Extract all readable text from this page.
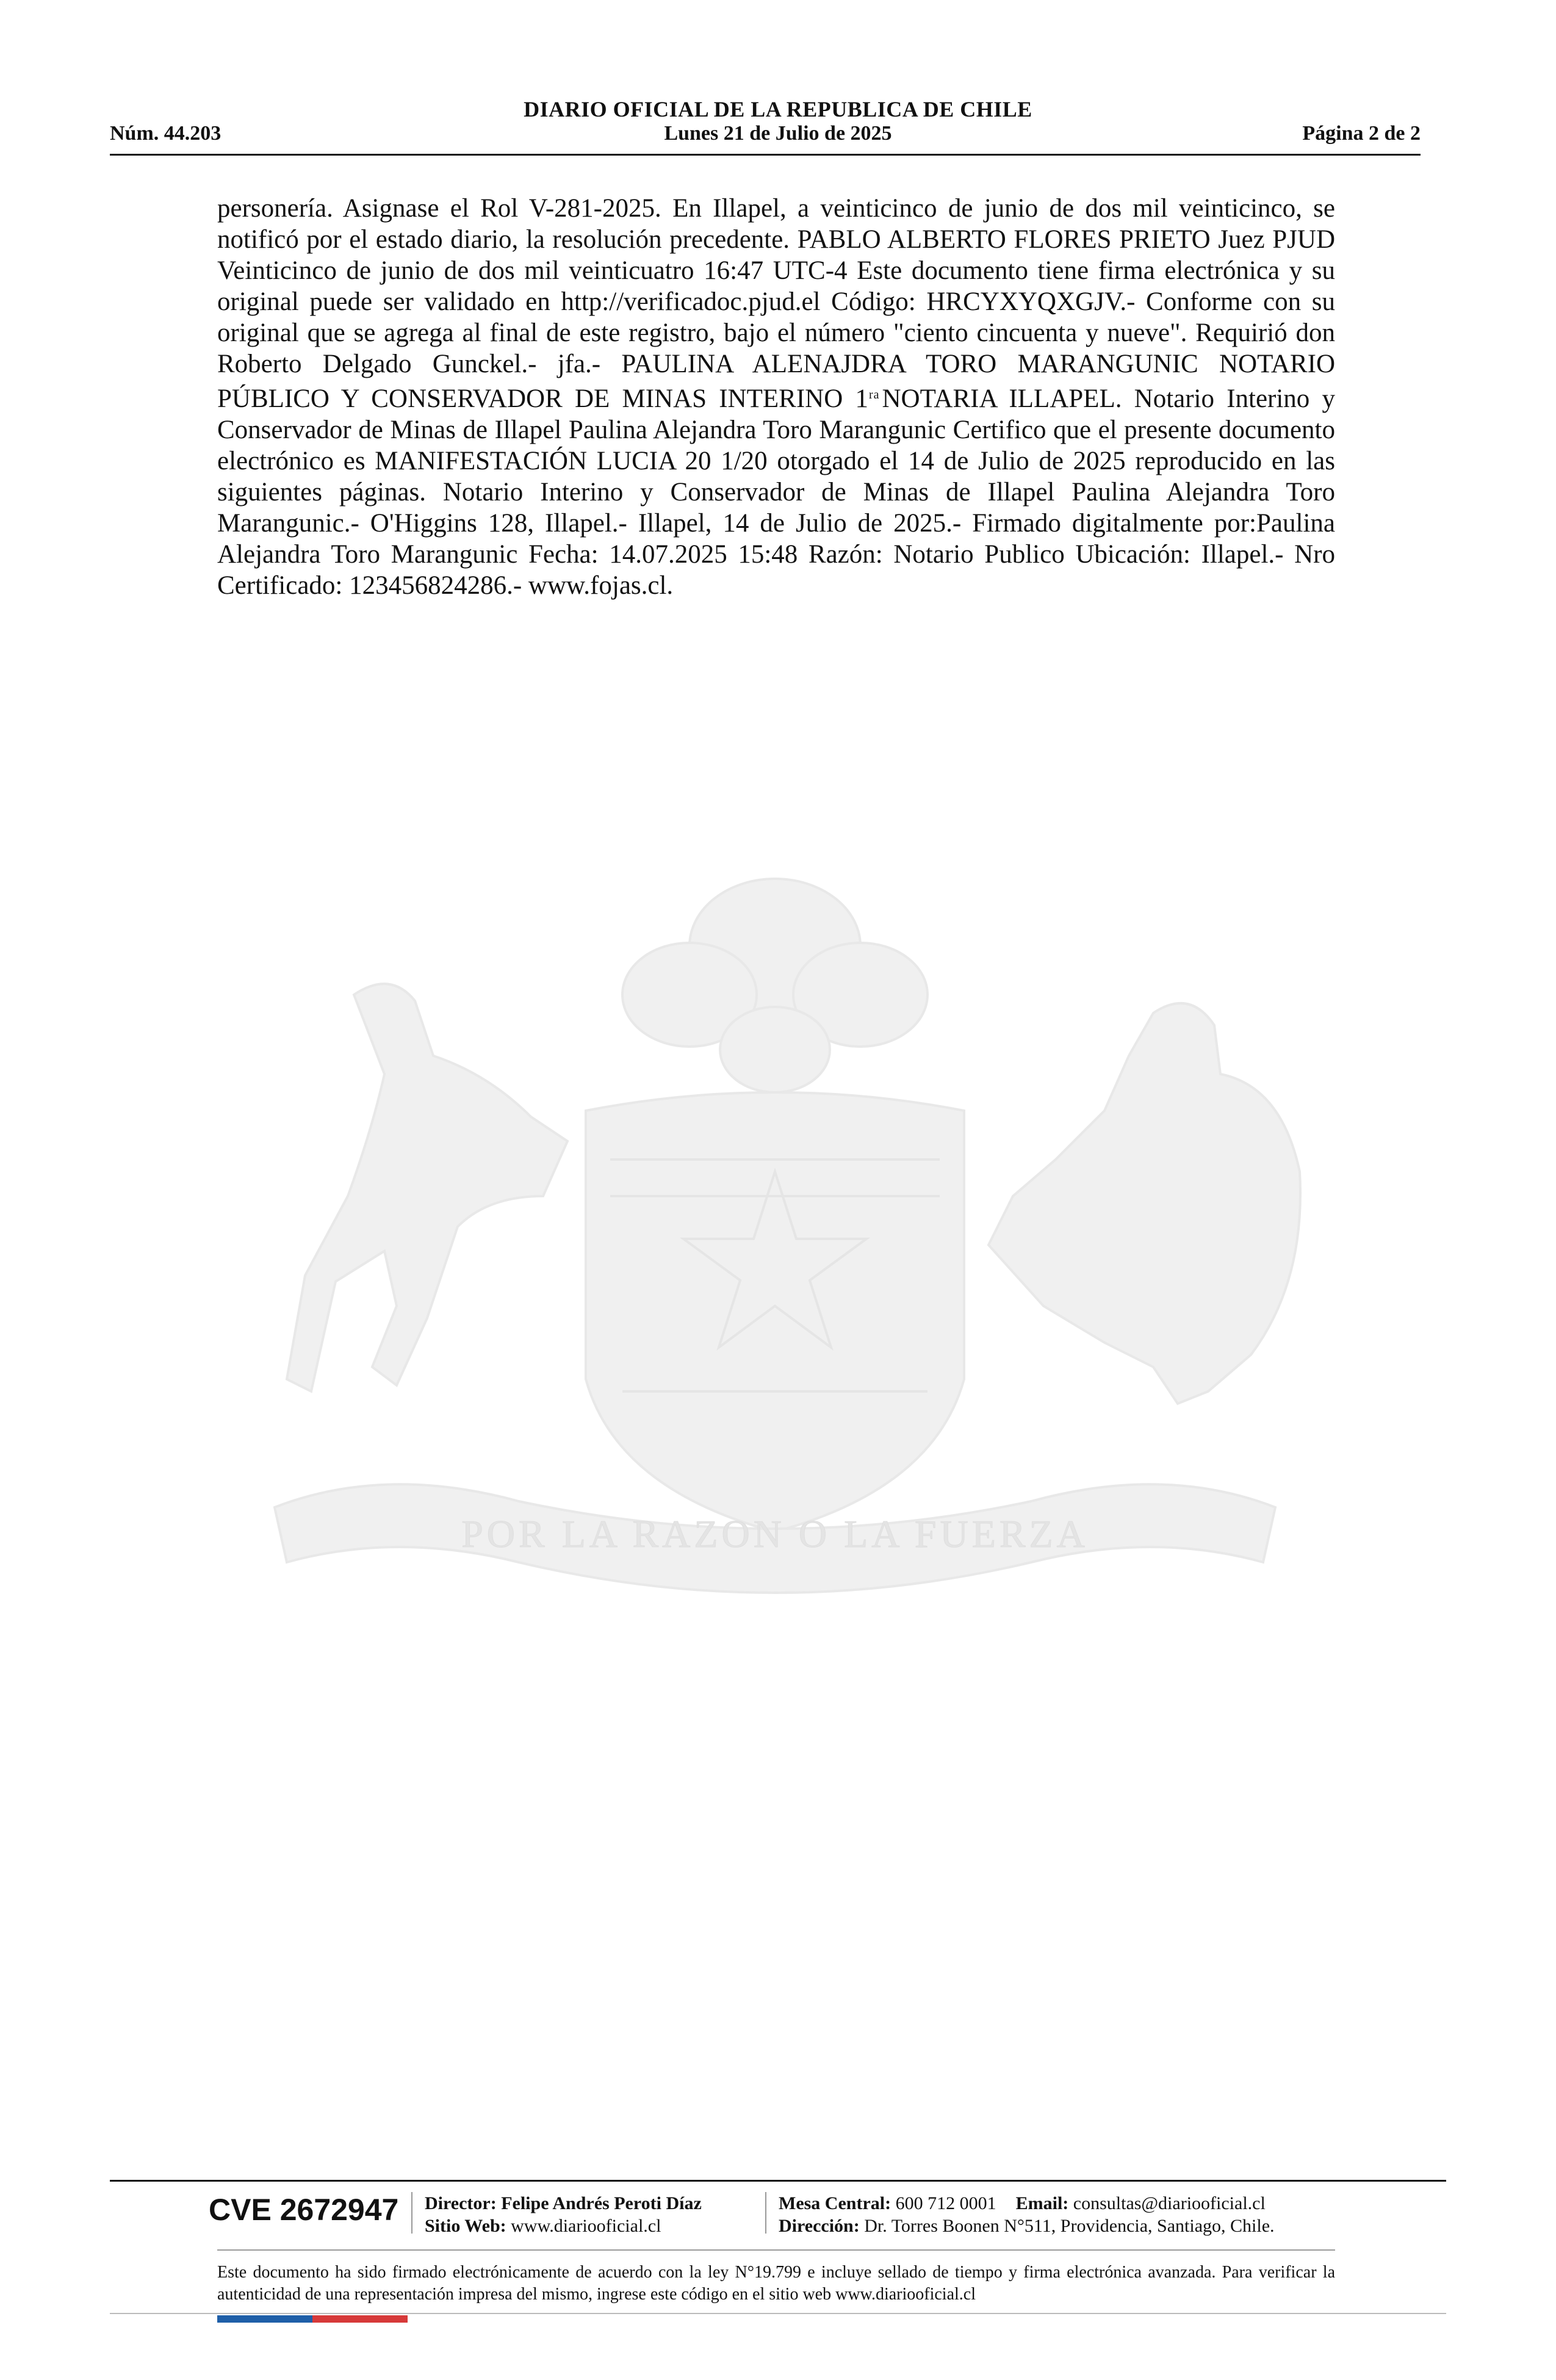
DIARIO OFICIAL DE LA REPUBLICA DE CHILE
Núm. 44.203	Lunes 21 de Julio de 2025	Página 2 de 2

personería. Asignase el Rol V-281-2025. En Illapel, a veinticinco de junio de dos mil veinticinco, se notificó por el estado diario, la resolución precedente. PABLO ALBERTO FLORES PRIETO Juez PJUD Veinticinco de junio de dos mil veinticuatro 16:47 UTC-4 Este documento tiene firma electrónica y su original puede ser validado en http://verificadoc.pjud.el Código: HRCYXYQXGJV.- Conforme con su original que se agrega al final de este registro, bajo el número "ciento cincuenta y nueve". Requirió don Roberto Delgado Gunckel.- jfa.- PAULINA ALENAJDRA TORO MARANGUNIC NOTARIO PÚBLICO Y CONSERVADOR DE MINAS INTERINO $1^{ra}NOTARIA$ ILLAPEL. Notario Interino y Conservador de Minas de Illapel Paulina Alejandra Toro Marangunic Certifico que el presente documento electrónico es MANIFESTACIÓN LUCIA 20 1/20 otorgado el 14 de Julio de 2025 reproducido en las siguientes páginas. Notario Interino y Conservador de Minas de Illapel Paulina Alejandra Toro Marangunic.- O'Higgins 128, Illapel.- Illapel, 14 de Julio de 2025.- Firmado digitalmente por:Paulina Alejandra Toro Marangunic Fecha: 14.07.2025 15:48 Razón: Notario Publico Ubicación: Illapel.- Nro Certificado: 123456824286.- www.fojas.cl.

POR LA RAZON O LA FUERZA
CVE 2672947 Director: Felipe Andrés Peroti Díaz
Sitio Web: www.diariooficial.cl
Mesa Central: 600 712 0001 Email: consultas@diariooficial.cl
Dirección: Dr. Torres Boonen N°511, Providencia, Santiago, Chile.
Este documento ha sido firmado electrónicamente de acuerdo con la ley N°19.799 e incluye sellado de tiempo y firma electrónica avanzada. Para verificar la autenticidad de una representación impresa del mismo, ingrese este código en el sitio web www.diariooficial.cl
